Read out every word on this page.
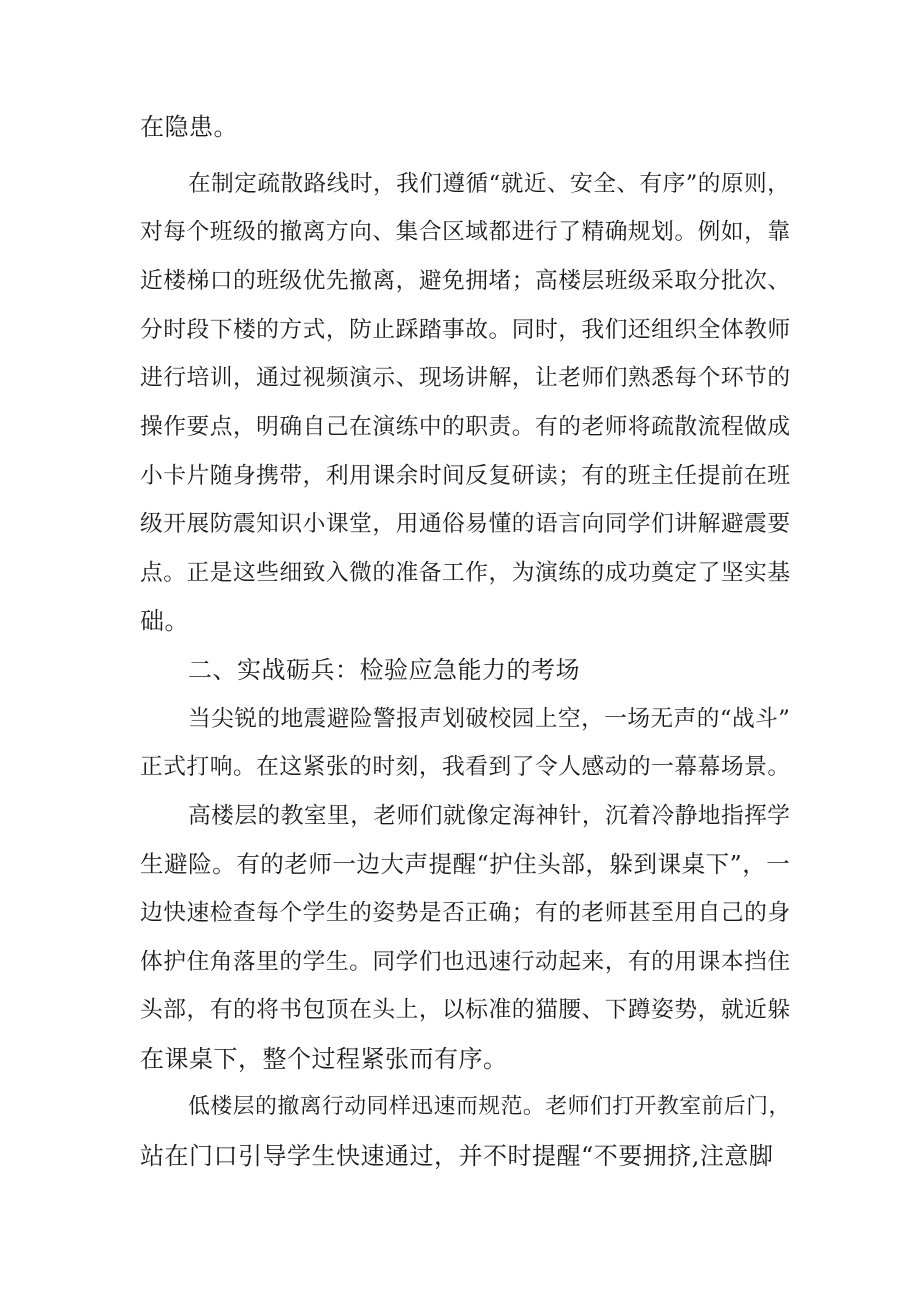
在隐患。
在制定疏散路线时，我们遵循“就近、安全、有序”的原则，
对每个班级的撤离方向、集合区域都进行了精确规划。例如，靠
近楼梯口的班级优先撤离，避免拥堵；高楼层班级采取分批次、
分时段下楼的方式，防止踩踏事故。同时，我们还组织全体教师
进行培训，通过视频演示、现场讲解，让老师们熟悉每个环节的
操作要点，明确自己在演练中的职责。有的老师将疏散流程做成
小卡片随身携带，利用课余时间反复研读；有的班主任提前在班
级开展防震知识小课堂，用通俗易懂的语言向同学们讲解避震要
点。正是这些细致入微的准备工作，为演练的成功奠定了坚实基
础。
二、实战砺兵：检验应急能力的考场
当尖锐的地震避险警报声划破校园上空，一场无声的“战斗”
正式打响。在这紧张的时刻，我看到了令人感动的一幕幕场景。
高楼层的教室里，老师们就像定海神针，沉着冷静地指挥学
生避险。有的老师一边大声提醒“护住头部，躲到课桌下”，一
边快速检查每个学生的姿势是否正确；有的老师甚至用自己的身
体护住角落里的学生。同学们也迅速行动起来，有的用课本挡住
头部，有的将书包顶在头上，以标准的猫腰、下蹲姿势，就近躲
在课桌下，整个过程紧张而有序。
低楼层的撤离行动同样迅速而规范。老师们打开教室前后门，
站在门口引导学生快速通过，并不时提醒“不要拥挤,注意脚
